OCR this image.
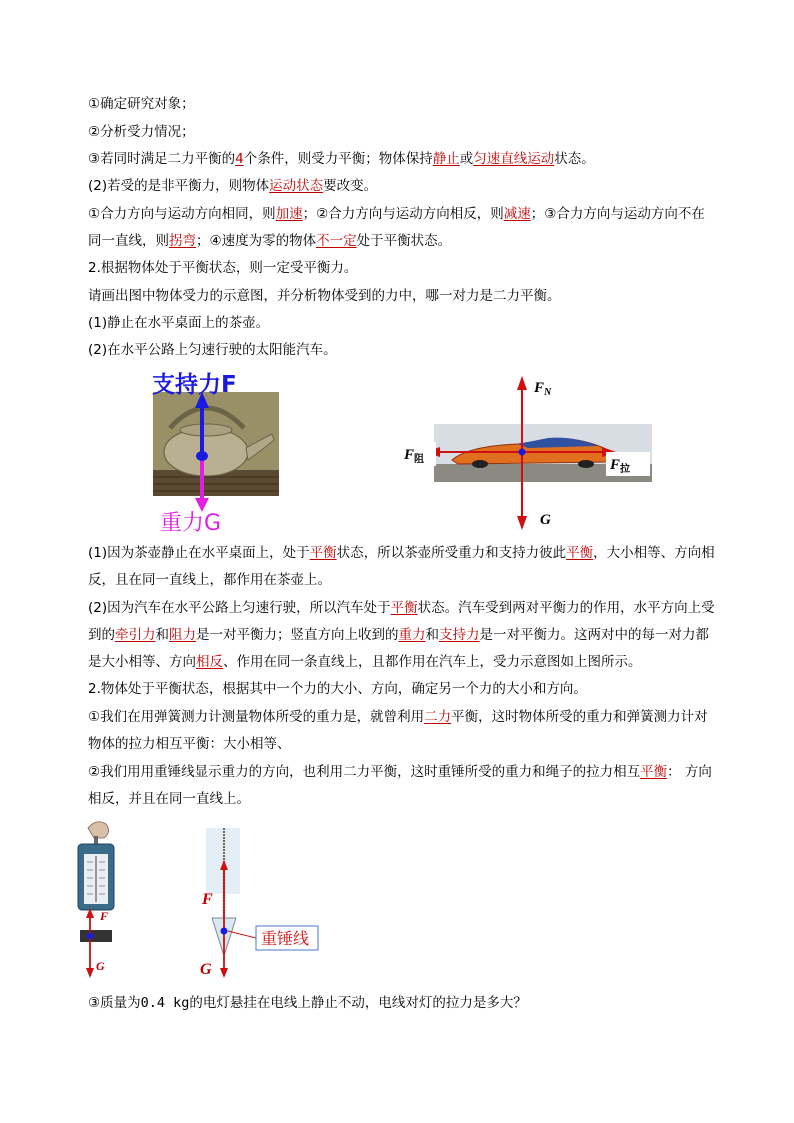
①确定研究对象；
②分析受力情况；
③若同时满足二力平衡的4个条件，则受力平衡；物体保持静止或匀速直线运动状态。
(2)若受的是非平衡力，则物体运动状态要改变。
①合力方向与运动方向相同，则加速；②合力方向与运动方向相反，则减速；③合力方向与运动方向不在
同一直线，则拐弯；④速度为零的物体不一定处于平衡状态。
2.根据物体处于平衡状态，则一定受平衡力。
请画出图中物体受力的示意图，并分析物体受到的力中，哪一对力是二力平衡。
(1)静止在水平桌面上的茶壶。
(2)在水平公路上匀速行驶的太阳能汽车。
支持力F
重力G
$F_N$
$F_阻$	$F_拉$
G
(1)因为茶壶静止在水平桌面上，处于平衡状态，所以茶壶所受重力和支持力彼此平衡，大小相等、方向相
反，且在同一直线上，都作用在茶壶上。
(2)因为汽车在水平公路上匀速行驶，所以汽车处于平衡状态。汽车受到两对平衡力的作用，水平方向上受
到的牵引力和阻力是一对平衡力；竖直方向上收到的重力和支持力是一对平衡力。这两对中的每一对力都
是大小相等、方向相反、作用在同一条直线上，且都作用在汽车上，受力示意图如上图所示。
2.物体处于平衡状态，根据其中一个力的大小、方向，确定另一个力的大小和方向。
①我们在用弹簧测力计测量物体所受的重力是，就曾利用二力平衡，这时物体所受的重力和弹簧测力计对
物体的拉力相互平衡：大小相等、
②我们用用重锤线显示重力的方向，也利用二力平衡，这时重锤所受的重力和绳子的拉力相互平衡： 方向
相反，并且在同一直线上。
F
G
重锤线
F
G
③质量为0.4 kg的电灯悬挂在电线上静止不动，电线对灯的拉力是多大？
